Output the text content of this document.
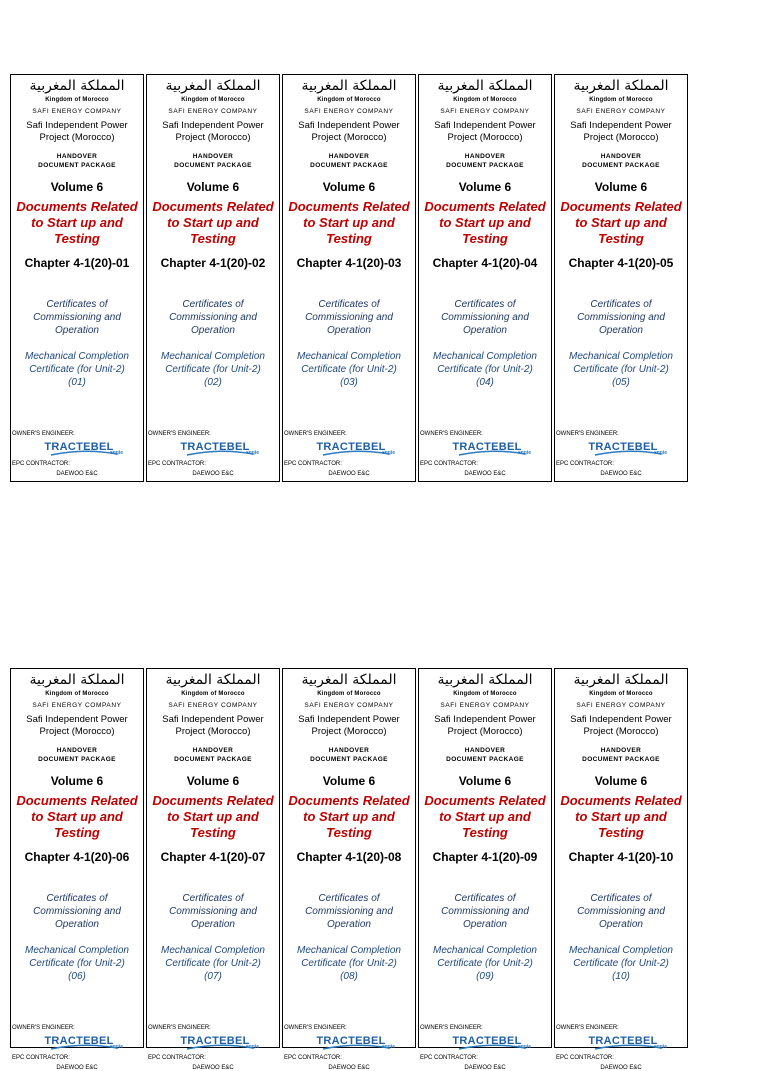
المملكة المغربية
Kingdom of Morocco
SAFI ENERGY COMPANY
Safi Independent Power
Project (Morocco)
HANDOVER
DOCUMENT PACKAGE
Volume 6
Documents Related
to Start up and
Testing
Chapter 4-1(20)-01
Certificates of
Commissioning and
Operation
Mechanical Completion
Certificate (for Unit-2)
(01)
OWNER'S ENGINEER:
TRACTEBEL
engie
EPC CONTRACTOR:
DAEWOO E&C
المملكة المغربية
Kingdom of Morocco
SAFI ENERGY COMPANY
Safi Independent Power
Project (Morocco)
HANDOVER
DOCUMENT PACKAGE
Volume 6
Documents Related
to Start up and
Testing
Chapter 4-1(20)-02
Certificates of
Commissioning and
Operation
Mechanical Completion
Certificate (for Unit-2)
(02)
OWNER'S ENGINEER:
TRACTEBEL
engie
EPC CONTRACTOR:
DAEWOO E&C
المملكة المغربية
Kingdom of Morocco
SAFI ENERGY COMPANY
Safi Independent Power
Project (Morocco)
HANDOVER
DOCUMENT PACKAGE
Volume 6
Documents Related
to Start up and
Testing
Chapter 4-1(20)-03
Certificates of
Commissioning and
Operation
Mechanical Completion
Certificate (for Unit-2)
(03)
OWNER'S ENGINEER:
TRACTEBEL
engie
EPC CONTRACTOR:
DAEWOO E&C
المملكة المغربية
Kingdom of Morocco
SAFI ENERGY COMPANY
Safi Independent Power
Project (Morocco)
HANDOVER
DOCUMENT PACKAGE
Volume 6
Documents Related
to Start up and
Testing
Chapter 4-1(20)-04
Certificates of
Commissioning and
Operation
Mechanical Completion
Certificate (for Unit-2)
(04)
OWNER'S ENGINEER:
TRACTEBEL
engie
EPC CONTRACTOR:
DAEWOO E&C
المملكة المغربية
Kingdom of Morocco
SAFI ENERGY COMPANY
Safi Independent Power
Project (Morocco)
HANDOVER
DOCUMENT PACKAGE
Volume 6
Documents Related
to Start up and
Testing
Chapter 4-1(20)-05
Certificates of
Commissioning and
Operation
Mechanical Completion
Certificate (for Unit-2)
(05)
OWNER'S ENGINEER:
TRACTEBEL
engie
EPC CONTRACTOR:
DAEWOO E&C
المملكة المغربية
Kingdom of Morocco
SAFI ENERGY COMPANY
Safi Independent Power
Project (Morocco)
HANDOVER
DOCUMENT PACKAGE
Volume 6
Documents Related
to Start up and
Testing
Chapter 4-1(20)-06
Certificates of
Commissioning and
Operation
Mechanical Completion
Certificate (for Unit-2)
(06)
OWNER'S ENGINEER:
TRACTEBEL
engie
EPC CONTRACTOR:
DAEWOO E&C
المملكة المغربية
Kingdom of Morocco
SAFI ENERGY COMPANY
Safi Independent Power
Project (Morocco)
HANDOVER
DOCUMENT PACKAGE
Volume 6
Documents Related
to Start up and
Testing
Chapter 4-1(20)-07
Certificates of
Commissioning and
Operation
Mechanical Completion
Certificate (for Unit-2)
(07)
OWNER'S ENGINEER:
TRACTEBEL
engie
EPC CONTRACTOR:
DAEWOO E&C
المملكة المغربية
Kingdom of Morocco
SAFI ENERGY COMPANY
Safi Independent Power
Project (Morocco)
HANDOVER
DOCUMENT PACKAGE
Volume 6
Documents Related
to Start up and
Testing
Chapter 4-1(20)-08
Certificates of
Commissioning and
Operation
Mechanical Completion
Certificate (for Unit-2)
(08)
OWNER'S ENGINEER:
TRACTEBEL
engie
EPC CONTRACTOR:
DAEWOO E&C
المملكة المغربية
Kingdom of Morocco
SAFI ENERGY COMPANY
Safi Independent Power
Project (Morocco)
HANDOVER
DOCUMENT PACKAGE
Volume 6
Documents Related
to Start up and
Testing
Chapter 4-1(20)-09
Certificates of
Commissioning and
Operation
Mechanical Completion
Certificate (for Unit-2)
(09)
OWNER'S ENGINEER:
TRACTEBEL
engie
EPC CONTRACTOR:
DAEWOO E&C
المملكة المغربية
Kingdom of Morocco
SAFI ENERGY COMPANY
Safi Independent Power
Project (Morocco)
HANDOVER
DOCUMENT PACKAGE
Volume 6
Documents Related
to Start up and
Testing
Chapter 4-1(20)-10
Certificates of
Commissioning and
Operation
Mechanical Completion
Certificate (for Unit-2)
(10)
OWNER'S ENGINEER:
TRACTEBEL
engie
EPC CONTRACTOR:
DAEWOO E&C
